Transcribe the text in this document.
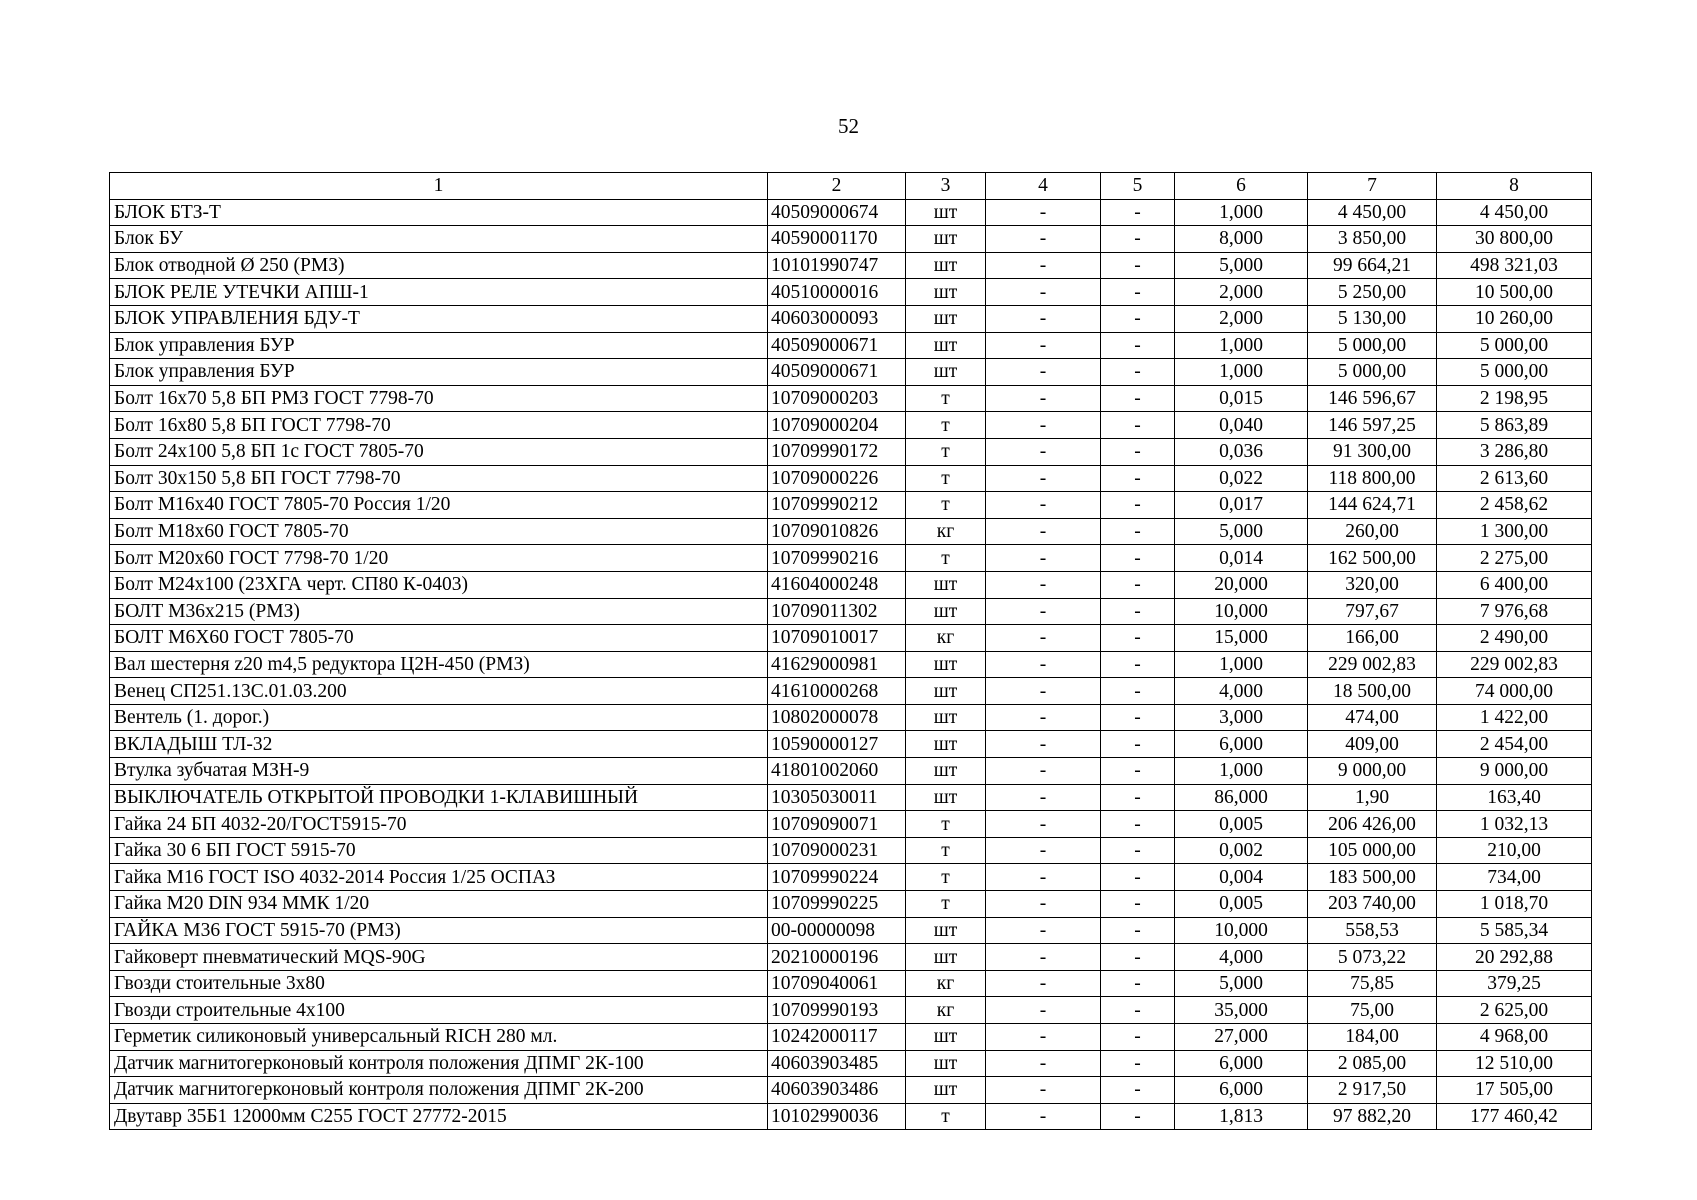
52
1	2	3	4	5	6	7	8
БЛОК БТЗ-Т	40509000674	шт	-	-	1,000	4 450,00	4 450,00
Блок БУ	40590001170	шт	-	-	8,000	3 850,00	30 800,00
Блок отводной Ø 250 (РМЗ)	10101990747	шт	-	-	5,000	99 664,21	498 321,03
БЛОК РЕЛЕ УТЕЧКИ АПШ-1	40510000016	шт	-	-	2,000	5 250,00	10 500,00
БЛОК УПРАВЛЕНИЯ БДУ-Т	40603000093	шт	-	-	2,000	5 130,00	10 260,00
Блок управления БУР	40509000671	шт	-	-	1,000	5 000,00	5 000,00
Блок управления БУР	40509000671	шт	-	-	1,000	5 000,00	5 000,00
Болт 16х70 5,8 БП РМЗ ГОСТ 7798-70	10709000203	т	-	-	0,015	146 596,67	2 198,95
Болт 16х80 5,8 БП ГОСТ 7798-70	10709000204	т	-	-	0,040	146 597,25	5 863,89
Болт 24х100 5,8 БП 1с ГОСТ 7805-70	10709990172	т	-	-	0,036	91 300,00	3 286,80
Болт 30х150 5,8 БП ГОСТ 7798-70	10709000226	т	-	-	0,022	118 800,00	2 613,60
Болт М16х40 ГОСТ 7805-70 Россия 1/20	10709990212	т	-	-	0,017	144 624,71	2 458,62
Болт М18х60 ГОСТ 7805-70	10709010826	кг	-	-	5,000	260,00	1 300,00
Болт М20х60 ГОСТ 7798-70 1/20	10709990216	т	-	-	0,014	162 500,00	2 275,00
Болт М24х100 (23ХГА черт. СП80 К-0403)	41604000248	шт	-	-	20,000	320,00	6 400,00
БОЛТ М36х215 (РМЗ)	10709011302	шт	-	-	10,000	797,67	7 976,68
БОЛТ М6Х60 ГОСТ 7805-70	10709010017	кг	-	-	15,000	166,00	2 490,00
Вал шестерня z20 m4,5 редуктора Ц2Н-450 (РМЗ)	41629000981	шт	-	-	1,000	229 002,83	229 002,83
Венец СП251.13С.01.03.200	41610000268	шт	-	-	4,000	18 500,00	74 000,00
Вентель (1. дорог.)	10802000078	шт	-	-	3,000	474,00	1 422,00
ВКЛАДЫШ ТЛ-32	10590000127	шт	-	-	6,000	409,00	2 454,00
Втулка зубчатая МЗН-9	41801002060	шт	-	-	1,000	9 000,00	9 000,00
ВЫКЛЮЧАТЕЛЬ ОТКРЫТОЙ ПРОВОДКИ 1-КЛАВИШНЫЙ	10305030011	шт	-	-	86,000	1,90	163,40
Гайка 24 БП 4032-20/ГОСТ5915-70	10709090071	т	-	-	0,005	206 426,00	1 032,13
Гайка 30 6 БП ГОСТ 5915-70	10709000231	т	-	-	0,002	105 000,00	210,00
Гайка М16 ГОСТ ISO 4032-2014 Россия 1/25 ОСПАЗ	10709990224	т	-	-	0,004	183 500,00	734,00
Гайка М20 DIN 934 ММК 1/20	10709990225	т	-	-	0,005	203 740,00	1 018,70
ГАЙКА М36 ГОСТ 5915-70 (РМЗ)	00-00000098	шт	-	-	10,000	558,53	5 585,34
Гайковерт пневматический MQS-90G	20210000196	шт	-	-	4,000	5 073,22	20 292,88
Гвозди стоительные 3х80	10709040061	кг	-	-	5,000	75,85	379,25
Гвозди строительные 4х100	10709990193	кг	-	-	35,000	75,00	2 625,00
Герметик силиконовый универсальный RICH 280 мл.	10242000117	шт	-	-	27,000	184,00	4 968,00
Датчик магнитогерконовый контроля положения ДПМГ 2К-100	40603903485	шт	-	-	6,000	2 085,00	12 510,00
Датчик магнитогерконовый контроля положения ДПМГ 2К-200	40603903486	шт	-	-	6,000	2 917,50	17 505,00
Двутавр 35Б1 12000мм С255 ГОСТ 27772-2015	10102990036	т	-	-	1,813	97 882,20	177 460,42
